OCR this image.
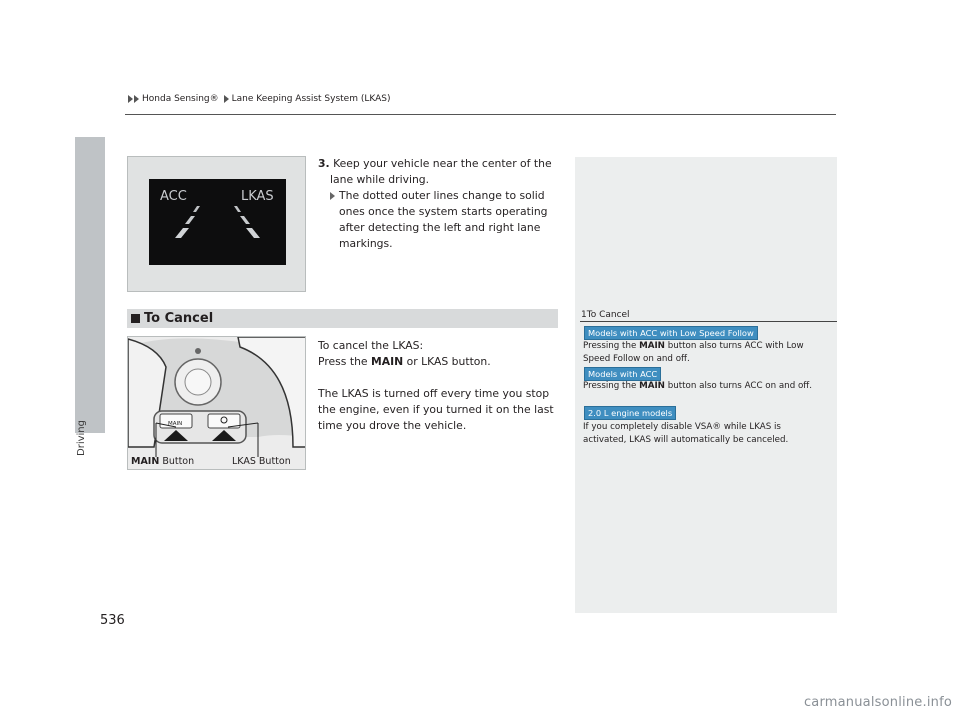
Honda Sensing® Lane Keeping Assist System (LKAS)
Driving
ACC	LKAS
3. Keep your vehicle near the center of the
lane while driving.
The dotted outer lines change to solid ones once the system starts operating after detecting the left and right lane markings.
To Cancel	1To Cancel
Models with ACC with Low Speed Follow
Pressing the MAIN button also turns ACC with Low Speed Follow on and off.
Models with ACC
Pressing the MAIN button also turns ACC on and off.
2.0 L engine models
If you completely disable VSA® while LKAS is activated, LKAS will automatically be canceled.
MAIN
MAIN Button	LKAS Button

To cancel the LKAS:

Press the MAIN or LKAS button.

The LKAS is turned off every time you stop the engine, even if you turned it on the last time you drove the vehicle.

536
carmanualsonline.info
